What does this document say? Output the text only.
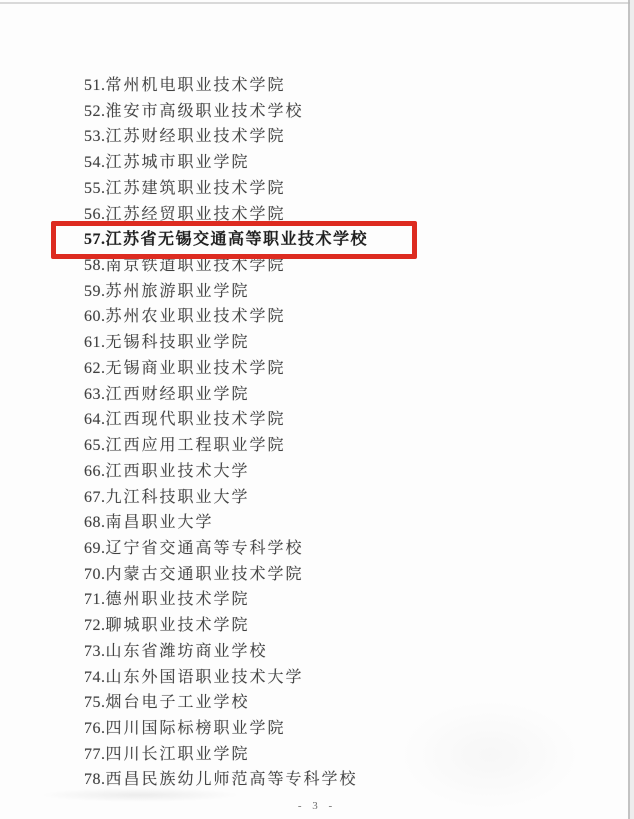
51.常州机电职业技术学院
52.淮安市高级职业技术学校
53.江苏财经职业技术学院
54.江苏城市职业学院
55.江苏建筑职业技术学院
56.江苏经贸职业技术学院
57.江苏省无锡交通高等职业技术学校
58.南京铁道职业技术学院
59.苏州旅游职业学院
60.苏州农业职业技术学院
61.无锡科技职业学院
62.无锡商业职业技术学院
63.江西财经职业学院
64.江西现代职业技术学院
65.江西应用工程职业学院
66.江西职业技术大学
67.九江科技职业大学
68.南昌职业大学
69.辽宁省交通高等专科学校
70.内蒙古交通职业技术学院
71.德州职业技术学院
72.聊城职业技术学院
73.山东省潍坊商业学校
74.山东外国语职业技术大学
75.烟台电子工业学校
76.四川国际标榜职业学院
77.四川长江职业学院
78.西昌民族幼儿师范高等专科学校
- 3 -
